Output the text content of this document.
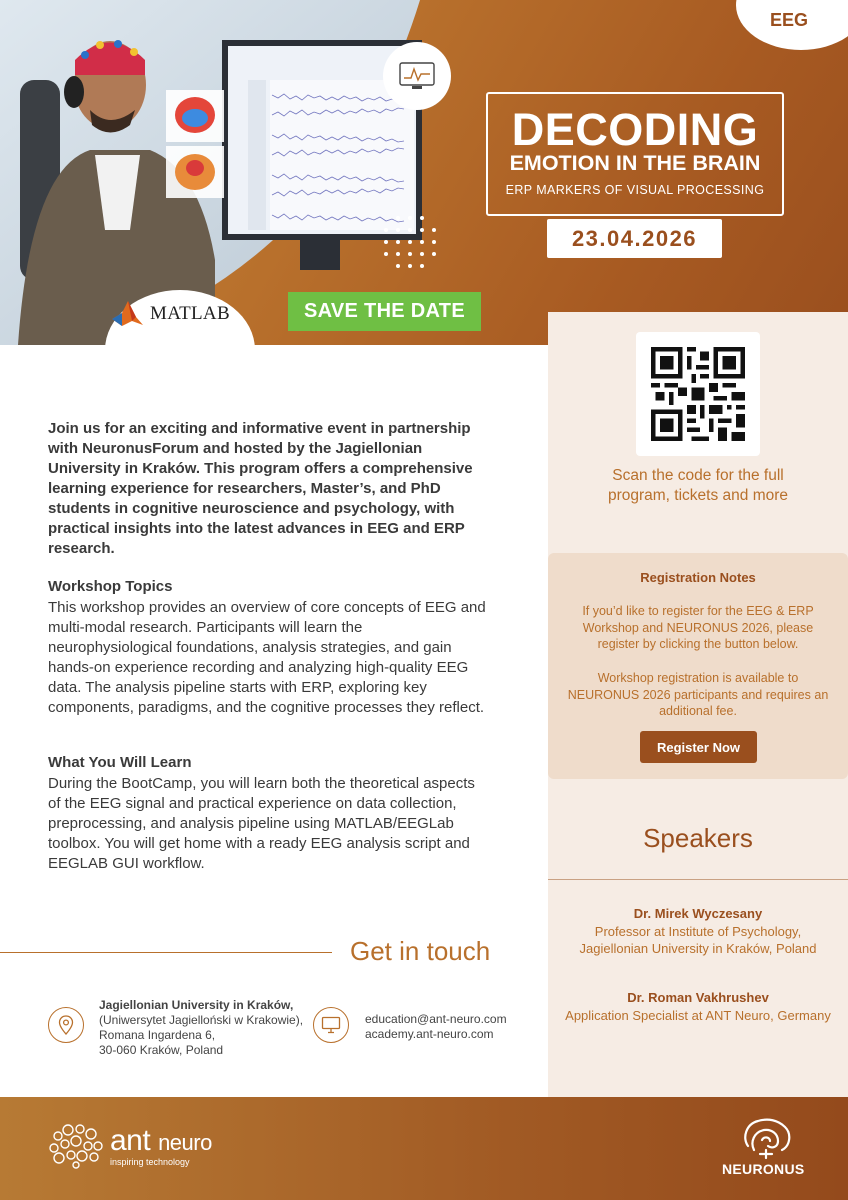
EEG
DECODING
EMOTION IN THE BRAIN
ERP MARKERS OF VISUAL PROCESSING
23.04.2026
MATLAB	SAVE THE DATE
Scan the code for the full
program, tickets and more
Registration Notes
If you’d like to register for the EEG & ERP Workshop and NEURONUS 2026, please register by clicking the button below.
Workshop registration is available to NEURONUS 2026 participants and requires an additional fee.
Register Now
Speakers
Dr. Mirek Wyczesany
Professor at Institute of Psychology, Jagiellonian University in Kraków, Poland
Dr. Roman Vakhrushev
Application Specialist at ANT Neuro, Germany
Join us for an exciting and informative event in partnership with NeuronusForum and hosted by the Jagiellonian University in Kraków. This program offers a comprehensive learning experience for researchers, Master’s, and PhD students in cognitive neuroscience and psychology, with practical insights into the latest advances in EEG and ERP research.
Workshop Topics
This workshop provides an overview of core concepts of EEG and multi-modal research. Participants will learn the neurophysiological foundations, analysis strategies, and gain hands-on experience recording and analyzing high-quality EEG data. The analysis pipeline starts with ERP, exploring key components, paradigms, and the cognitive processes they reflect.
What You Will Learn
During the BootCamp, you will learn both the theoretical aspects of the EEG signal and practical experience on data collection, preprocessing, and analysis pipeline using MATLAB/EEGLab toolbox. You will get home with a ready EEG analysis script and EEGLAB GUI workflow.
Get in touch
Jagiellonian University in Kraków,
(Uniwersytet Jagielloński w Krakowie),
Romana Ingardena 6,
30-060 Kraków, Poland
education@ant-neuro.com
academy.ant-neuro.com
ant neuro
inspiring technology	NEURONUS
